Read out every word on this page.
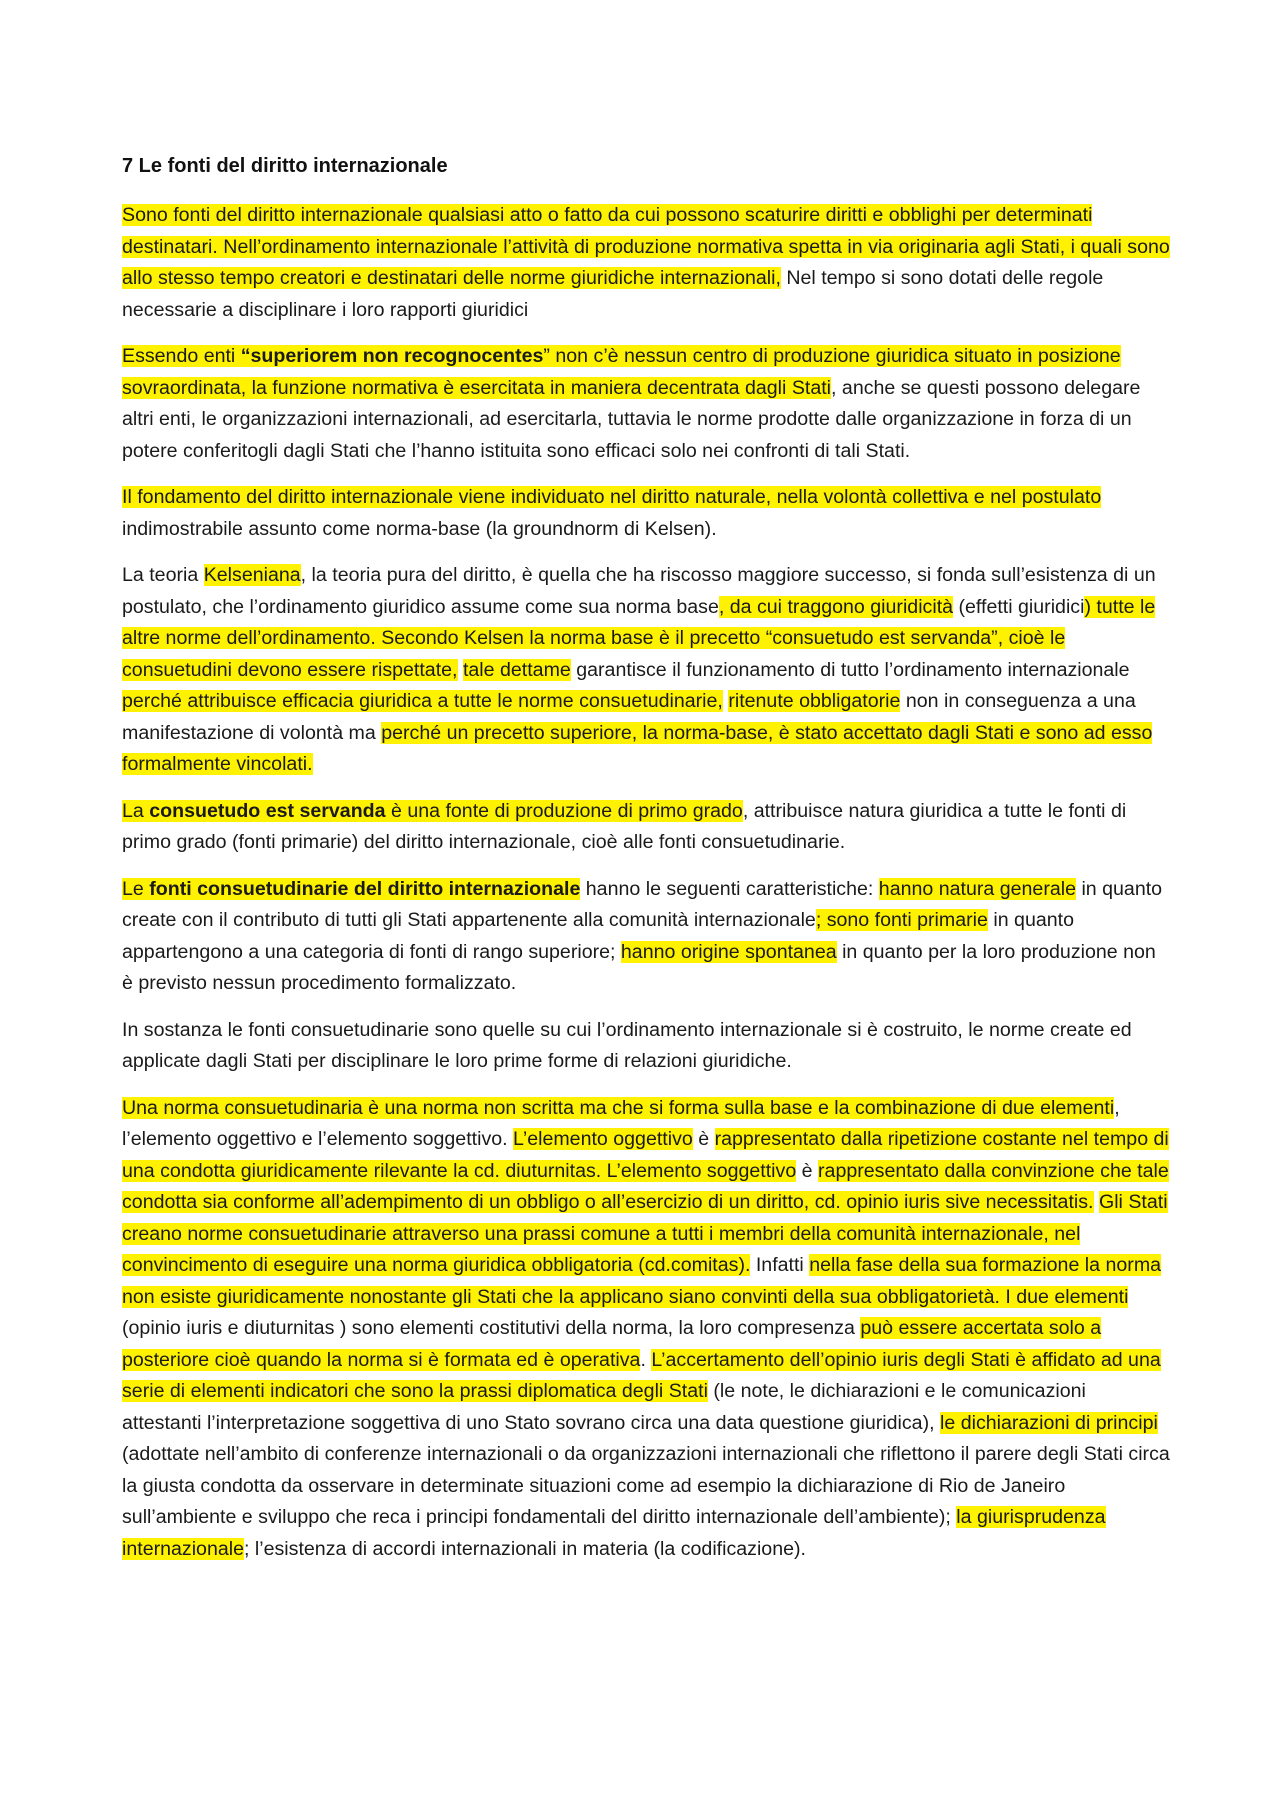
7 Le fonti del diritto internazionale

Sono fonti del diritto internazionale qualsiasi atto o fatto da cui possono scaturire diritti e obblighi per determinati destinatari. Nell’ordinamento internazionale l’attività di produzione normativa spetta in via originaria agli Stati, i quali sono allo stesso tempo creatori e destinatari delle norme giuridiche internazionali, Nel tempo si sono dotati delle regole necessarie a disciplinare i loro rapporti giuridici

Essendo enti “superiorem non recognocentes” non c’è nessun centro di produzione giuridica situato in posizione sovraordinata, la funzione normativa è esercitata in maniera decentrata dagli Stati, anche se questi possono delegare altri enti, le organizzazioni internazionali, ad esercitarla, tuttavia le norme prodotte dalle organizzazione in forza di un potere conferitogli dagli Stati che l’hanno istituita sono efficaci solo nei confronti di tali Stati.

Il fondamento del diritto internazionale viene individuato nel diritto naturale, nella volontà collettiva e nel postulato indimostrabile assunto come norma-base (la groundnorm di Kelsen).

La teoria Kelseniana, la teoria pura del diritto, è quella che ha riscosso maggiore successo, si fonda sull’esistenza di un postulato, che l’ordinamento giuridico assume come sua norma base, da cui traggono giuridicità (effetti giuridici) tutte le altre norme dell’ordinamento. Secondo Kelsen la norma base è il precetto “consuetudo est servanda”, cioè le consuetudini devono essere rispettate, tale dettame garantisce il funzionamento di tutto l’ordinamento internazionale perché attribuisce efficacia giuridica a tutte le norme consuetudinarie, ritenute obbligatorie non in conseguenza a una manifestazione di volontà ma perché un precetto superiore, la norma-base, è stato accettato dagli Stati e sono ad esso formalmente vincolati.

La consuetudo est servanda è una fonte di produzione di primo grado, attribuisce natura giuridica a tutte le fonti di primo grado (fonti primarie) del diritto internazionale, cioè alle fonti consuetudinarie.

Le fonti consuetudinarie del diritto internazionale hanno le seguenti caratteristiche: hanno natura generale in quanto create con il contributo di tutti gli Stati appartenente alla comunità internazionale; sono fonti primarie in quanto appartengono a una categoria di fonti di rango superiore; hanno origine spontanea in quanto per la loro produzione non è previsto nessun procedimento formalizzato.

In sostanza le fonti consuetudinarie sono quelle su cui l’ordinamento internazionale si è costruito, le norme create ed applicate dagli Stati per disciplinare le loro prime forme di relazioni giuridiche.

Una norma consuetudinaria è una norma non scritta ma che si forma sulla base e la combinazione di due elementi, l’elemento oggettivo e l’elemento soggettivo. L’elemento oggettivo è rappresentato dalla ripetizione costante nel tempo di una condotta giuridicamente rilevante la cd. diuturnitas. L’elemento soggettivo è rappresentato dalla convinzione che tale condotta sia conforme all’adempimento di un obbligo o all’esercizio di un diritto, cd. opinio iuris sive necessitatis. Gli Stati creano norme consuetudinarie attraverso una prassi comune a tutti i membri della comunità internazionale, nel convincimento di eseguire una norma giuridica obbligatoria (cd.comitas). Infatti nella fase della sua formazione la norma non esiste giuridicamente nonostante gli Stati che la applicano siano convinti della sua obbligatorietà. I due elementi (opinio iuris e diuturnitas ) sono elementi costitutivi della norma, la loro compresenza può essere accertata solo a posteriore cioè quando la norma si è formata ed è operativa. L’accertamento dell’opinio iuris degli Stati è affidato ad una serie di elementi indicatori che sono la prassi diplomatica degli Stati (le note, le dichiarazioni e le comunicazioni attestanti l’interpretazione soggettiva di uno Stato sovrano circa una data questione giuridica), le dichiarazioni di principi (adottate nell’ambito di conferenze internazionali o da organizzazioni internazionali che riflettono il parere degli Stati circa la giusta condotta da osservare in determinate situazioni come ad esempio la dichiarazione di Rio de Janeiro sull’ambiente e sviluppo che reca i principi fondamentali del diritto internazionale dell’ambiente); la giurisprudenza internazionale; l’esistenza di accordi internazionali in materia (la codificazione).
